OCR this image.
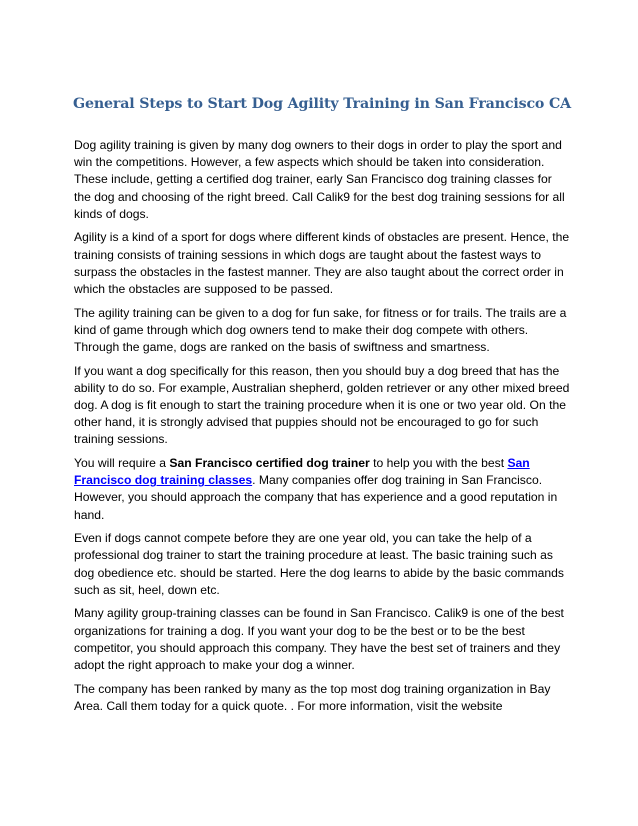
General Steps to Start Dog Agility Training in San Francisco CA

Dog agility training is given by many dog owners to their dogs in order to play the sport and win the competitions. However, a few aspects which should be taken into consideration. These include, getting a certified dog trainer, early San Francisco dog training classes for the dog and choosing of the right breed. Call Calik9 for the best dog training sessions for all kinds of dogs.

Agility is a kind of a sport for dogs where different kinds of obstacles are present. Hence, the training consists of training sessions in which dogs are taught about the fastest ways to surpass the obstacles in the fastest manner. They are also taught about the correct order in which the obstacles are supposed to be passed.

The agility training can be given to a dog for fun sake, for fitness or for trails. The trails are a kind of game through which dog owners tend to make their dog compete with others. Through the game, dogs are ranked on the basis of swiftness and smartness.

If you want a dog specifically for this reason, then you should buy a dog breed that has the ability to do so. For example, Australian shepherd, golden retriever or any other mixed breed dog. A dog is fit enough to start the training procedure when it is one or two year old. On the other hand, it is strongly advised that puppies should not be encouraged to go for such training sessions.

You will require a San Francisco certified dog trainer to help you with the best San Francisco dog training classes. Many companies offer dog training in San Francisco. However, you should approach the company that has experience and a good reputation in hand.

Even if dogs cannot compete before they are one year old, you can take the help of a professional dog trainer to start the training procedure at least. The basic training such as dog obedience etc. should be started. Here the dog learns to abide by the basic commands such as sit, heel, down etc.

Many agility group-training classes can be found in San Francisco. Calik9 is one of the best organizations for training a dog. If you want your dog to be the best or to be the best competitor, you should approach this company. They have the best set of trainers and they adopt the right approach to make your dog a winner.

The company has been ranked by many as the top most dog training organization in Bay Area. Call them today for a quick quote. . For more information, visit the website
